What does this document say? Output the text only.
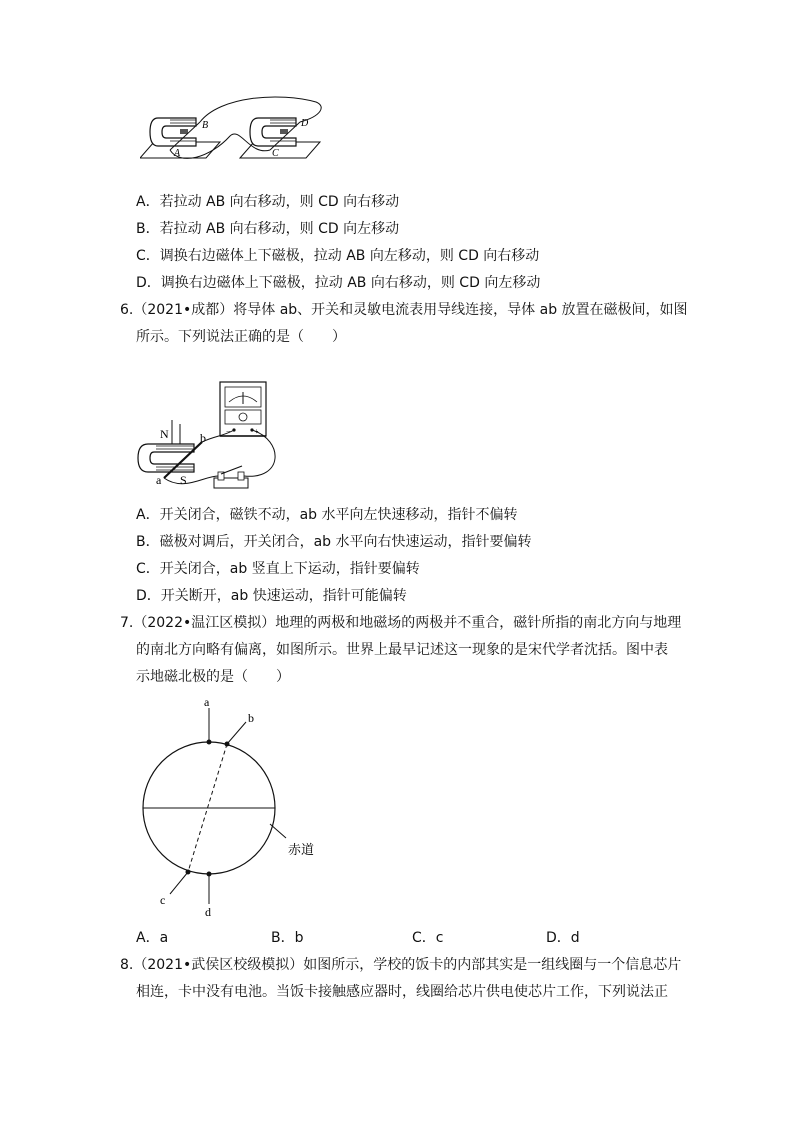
B
A
D
C
A．若拉动 AB 向右移动，则 CD 向右移动
B．若拉动 AB 向右移动，则 CD 向左移动
C．调换右边磁体上下磁极，拉动 AB 向左移动，则 CD 向右移动
D．调换右边磁体上下磁极，拉动 AB 向右移动，则 CD 向左移动
6.（2021•成都）将导体 ab、开关和灵敏电流表用导线连接，导体 ab 放置在磁极间，如图
所示。下列说法正确的是（　　）
−	+
N
S
a
b
A．开关闭合，磁铁不动，ab 水平向左快速移动，指针不偏转
B．磁极对调后，开关闭合，ab 水平向右快速运动，指针要偏转
C．开关闭合，ab 竖直上下运动，指针要偏转
D．开关断开，ab 快速运动，指针可能偏转
7.（2022•温江区模拟）地理的两极和地磁场的两极并不重合，磁针所指的南北方向与地理
的南北方向略有偏离，如图所示。世界上最早记述这一现象的是宋代学者沈括。图中表
示地磁北极的是（　　）
a
b
c
d
赤道
A．a	B．b	C．c	D．d
8.（2021•武侯区校级模拟）如图所示，学校的饭卡的内部其实是一组线圈与一个信息芯片
相连，卡中没有电池。当饭卡接触感应器时，线圈给芯片供电使芯片工作，下列说法正
